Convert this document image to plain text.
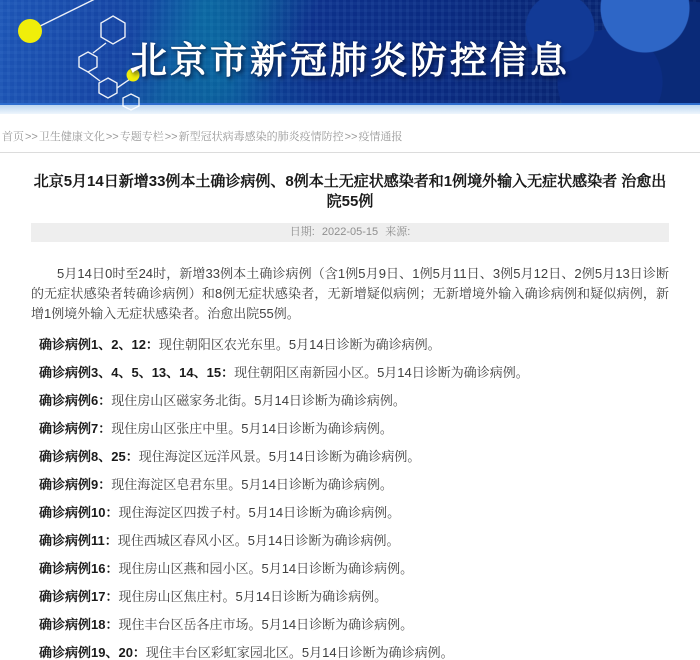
北京市新冠肺炎防控信息
首页>>卫生健康文化>>专题专栏>>新型冠状病毒感染的肺炎疫情防控>>疫情通报
北京5月14日新增33例本土确诊病例、8例本土无症状感染者和1例境外输入无症状感染者 治愈出院55例
日期: 2022-05-15 来源:

5月14日0时至24时，新增33例本土确诊病例（含1例5月9日、1例5月11日、3例5月12日、2例5月13日诊断的无症状感染者转确诊病例）和8例无症状感染者，无新增疑似病例；无新增境外输入确诊病例和疑似病例，新增1例境外输入无症状感染者。治愈出院55例。

确诊病例1、2、12：现住朝阳区农光东里。5月14日诊断为确诊病例。
确诊病例3、4、5、13、14、15：现住朝阳区南新园小区。5月14日诊断为确诊病例。
确诊病例6：现住房山区磁家务北街。5月14日诊断为确诊病例。
确诊病例7：现住房山区张庄中里。5月14日诊断为确诊病例。
确诊病例8、25：现住海淀区远洋风景。5月14日诊断为确诊病例。
确诊病例9：现住海淀区皂君东里。5月14日诊断为确诊病例。
确诊病例10：现住海淀区四拨子村。5月14日诊断为确诊病例。
确诊病例11：现住西城区春风小区。5月14日诊断为确诊病例。
确诊病例16：现住房山区燕和园小区。5月14日诊断为确诊病例。
确诊病例17：现住房山区焦庄村。5月14日诊断为确诊病例。
确诊病例18：现住丰台区岳各庄市场。5月14日诊断为确诊病例。
确诊病例19、20：现住丰台区彩虹家园北区。5月14日诊断为确诊病例。
